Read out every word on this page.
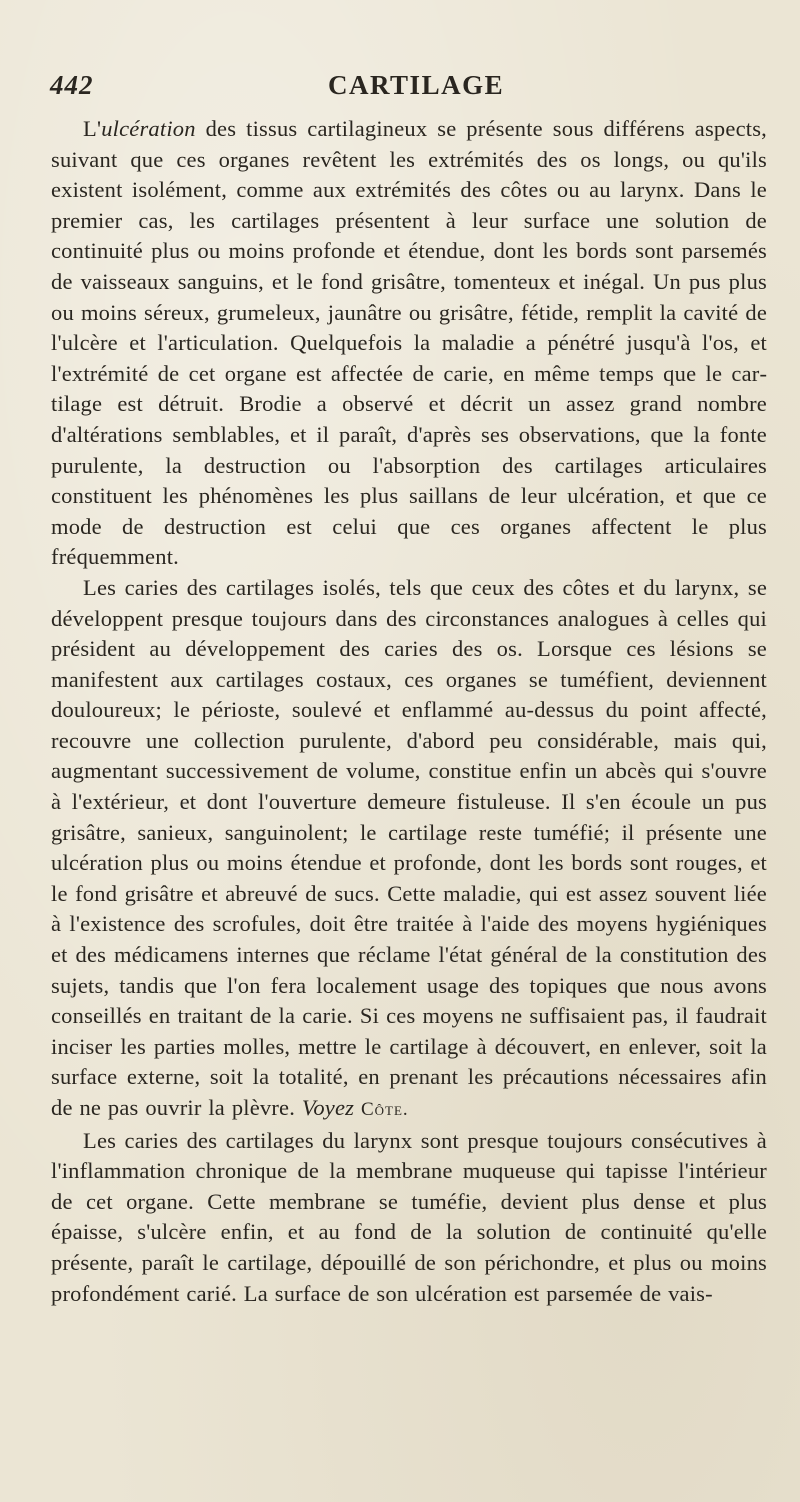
442	CARTILAGE

L'ulcération des tissus cartilagineux se présente sous différens aspects, suivant que ces organes revêtent les extrémités des os longs, ou qu'ils existent isolément, comme aux extrémités des côtes ou au larynx. Dans le premier cas, les cartilages présentent à leur surface une solution de continuité plus ou moins profonde et étendue, dont les bords sont parsemés de vaisseaux sanguins, et le fond grisâtre, tomenteux et inégal. Un pus plus ou moins séreux, grumeleux, jaunâtre ou grisâtre, fétide, remplit la cavité de l'ulcère et l'articulation. Quelquefois la maladie a pénétré jusqu'à l'os, et l'extrémité de cet organe est affectée de carie, en même temps que le cartilage est détruit. Brodie a observé et décrit un assez grand nombre d'altérations semblables, et il paraît, d'après ses observations, que la fonte purulente, la destruction ou l'absorption des cartilages articulaires constituent les phénomènes les plus saillans de leur ulcération, et que ce mode de destruction est celui que ces organes affectent le plus fréquemment.

Les caries des cartilages isolés, tels que ceux des côtes et du larynx, se développent presque toujours dans des circonstances analogues à celles qui président au développement des caries des os. Lorsque ces lésions se manifestent aux cartilages costaux, ces organes se tuméfient, deviennent douloureux; le périoste, soulevé et enflammé au-dessus du point affecté, recouvre une collection purulente, d'abord peu considérable, mais qui, augmentant successivement de volume, constitue enfin un abcès qui s'ouvre à l'extérieur, et dont l'ouverture demeure fistuleuse. Il s'en écoule un pus grisâtre, sanieux, sanguinolent; le cartilage reste tuméfié; il présente une ulcération plus ou moins étendue et profonde, dont les bords sont rouges, et le fond grisâtre et abreuvé de sucs. Cette maladie, qui est assez souvent liée à l'existence des scrofules, doit être traitée à l'aide des moyens hygiéniques et des médicamens internes que réclame l'état général de la constitution des sujets, tandis que l'on fera localement usage des topiques que nous avons conseillés en traitant de la carie. Si ces moyens ne suffisaient pas, il faudrait inciser les parties molles, mettre le cartilage à découvert, en enlever, soit la surface externe, soit la totalité, en prenant les précautions nécessaires afin de ne pas ouvrir la plèvre. Voyez Côte.

Les caries des cartilages du larynx sont presque toujours consécutives à l'inflammation chronique de la membrane muqueuse qui tapisse l'intérieur de cet organe. Cette membrane se tuméfie, devient plus dense et plus épaisse, s'ulcère enfin, et au fond de la solution de continuité qu'elle présente, paraît le cartilage, dépouillé de son périchondre, et plus ou moins profondément carié. La surface de son ulcération est parsemée de vais-
